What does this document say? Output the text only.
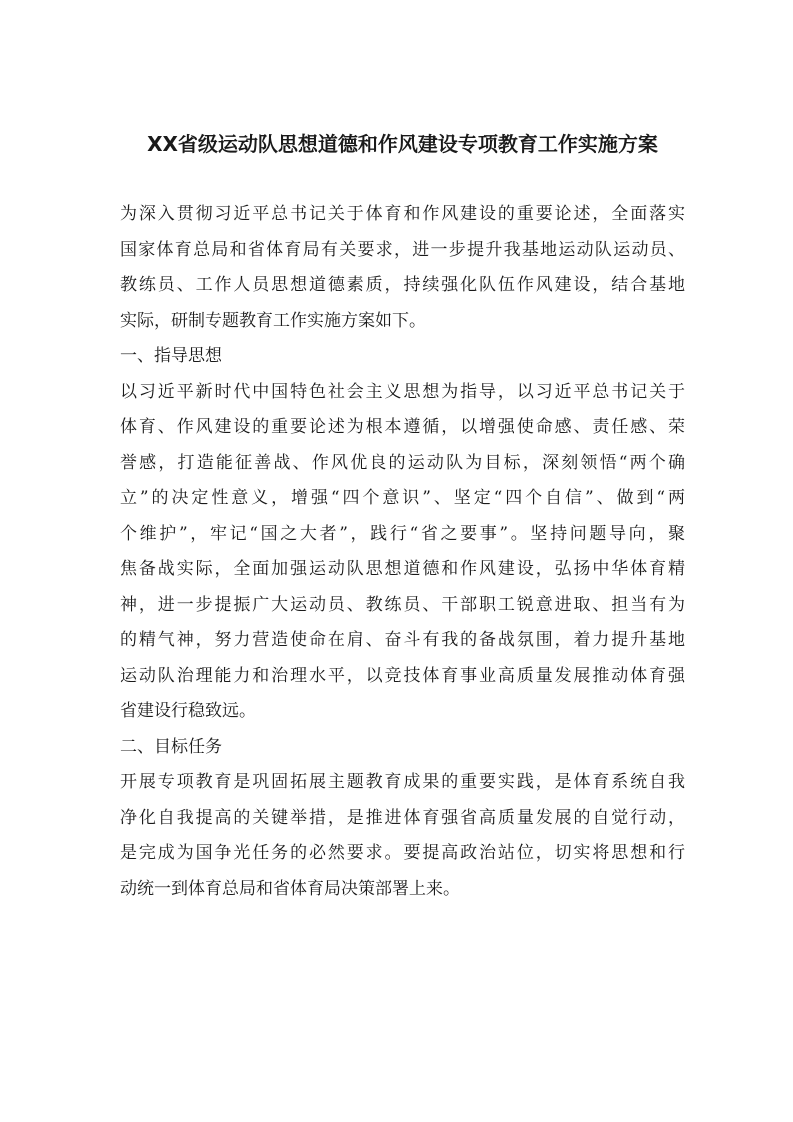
XX省级运动队思想道德和作风建设专项教育工作实施方案
为深入贯彻习近平总书记关于体育和作风建设的重要论述，全面落实
国家体育总局和省体育局有关要求，进一步提升我基地运动队运动员、
教练员、工作人员思想道德素质，持续强化队伍作风建设，结合基地
实际，研制专题教育工作实施方案如下。
一、指导思想
以习近平新时代中国特色社会主义思想为指导，以习近平总书记关于
体育、作风建设的重要论述为根本遵循，以增强使命感、责任感、荣
誉感，打造能征善战、作风优良的运动队为目标，深刻领悟“两个确
立”的决定性意义，增强“四个意识”、坚定“四个自信”、做到“两
个维护”，牢记“国之大者”，践行“省之要事”。坚持问题导向，聚
焦备战实际，全面加强运动队思想道德和作风建设，弘扬中华体育精
神，进一步提振广大运动员、教练员、干部职工锐意进取、担当有为
的精气神，努力营造使命在肩、奋斗有我的备战氛围，着力提升基地
运动队治理能力和治理水平，以竞技体育事业高质量发展推动体育强
省建设行稳致远。
二、目标任务
开展专项教育是巩固拓展主题教育成果的重要实践，是体育系统自我
净化自我提高的关键举措，是推进体育强省高质量发展的自觉行动，
是完成为国争光任务的必然要求。要提高政治站位，切实将思想和行
动统一到体育总局和省体育局决策部署上来。
